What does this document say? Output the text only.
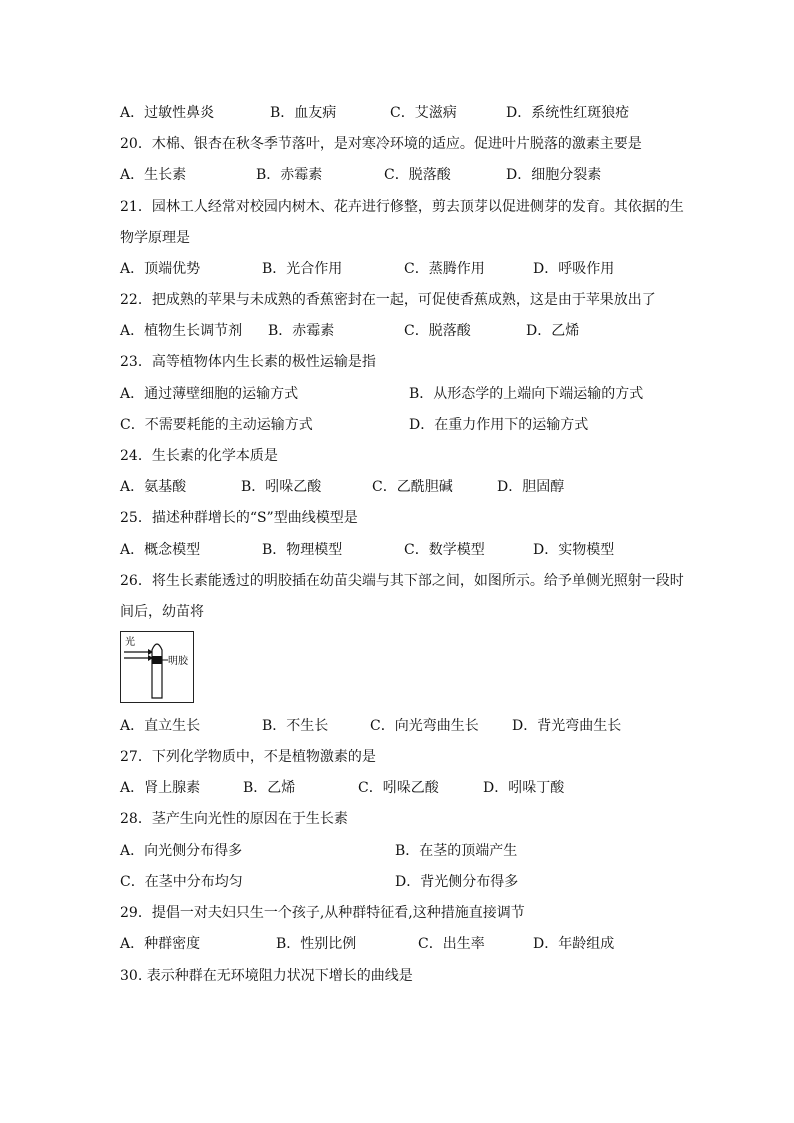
A．过敏性鼻炎	B．血友病	C．艾滋病	D．系统性红斑狼疮
20．木棉、银杏在秋冬季节落叶，是对寒冷环境的适应。促进叶片脱落的激素主要是
A．生长素	B．赤霉素	C．脱落酸	D．细胞分裂素
21．园林工人经常对校园内树木、花卉进行修整，剪去顶芽以促进侧芽的发育。其依据的生
物学原理是
A．顶端优势	B．光合作用	C．蒸腾作用	D．呼吸作用
22．把成熟的苹果与未成熟的香蕉密封在一起，可促使香蕉成熟，这是由于苹果放出了
A．植物生长调节剂 B．赤霉素	C．脱落酸	D．乙烯
23．高等植物体内生长素的极性运输是指
A．通过薄壁细胞的运输方式	B．从形态学的上端向下端运输的方式
C．不需要耗能的主动运输方式	D．在重力作用下的运输方式
24．生长素的化学本质是
A．氨基酸	B．吲哚乙酸	C．乙酰胆碱	D．胆固醇
25．描述种群增长的“S”型曲线模型是
A．概念模型	B．物理模型	C．数学模型	D．实物模型
26．将生长素能透过的明胶插在幼苗尖端与其下部之间，如图所示。给予单侧光照射一段时
间后，幼苗将
A．直立生长	B．不生长	C．向光弯曲生长 D．背光弯曲生长
27．下列化学物质中，不是植物激素的是
A．肾上腺素	B．乙烯	C．吲哚乙酸	D．吲哚丁酸
28．茎产生向光性的原因在于生长素
A．向光侧分布得多	B．在茎的顶端产生
C．在茎中分布均匀	D．背光侧分布得多
29．提倡一对夫妇只生一个孩子,从种群特征看,这种措施直接调节
A．种群密度	B．性别比例	C．出生率	D．年龄组成
30. 表示种群在无环境阻力状况下增长的曲线是
光
明胶
